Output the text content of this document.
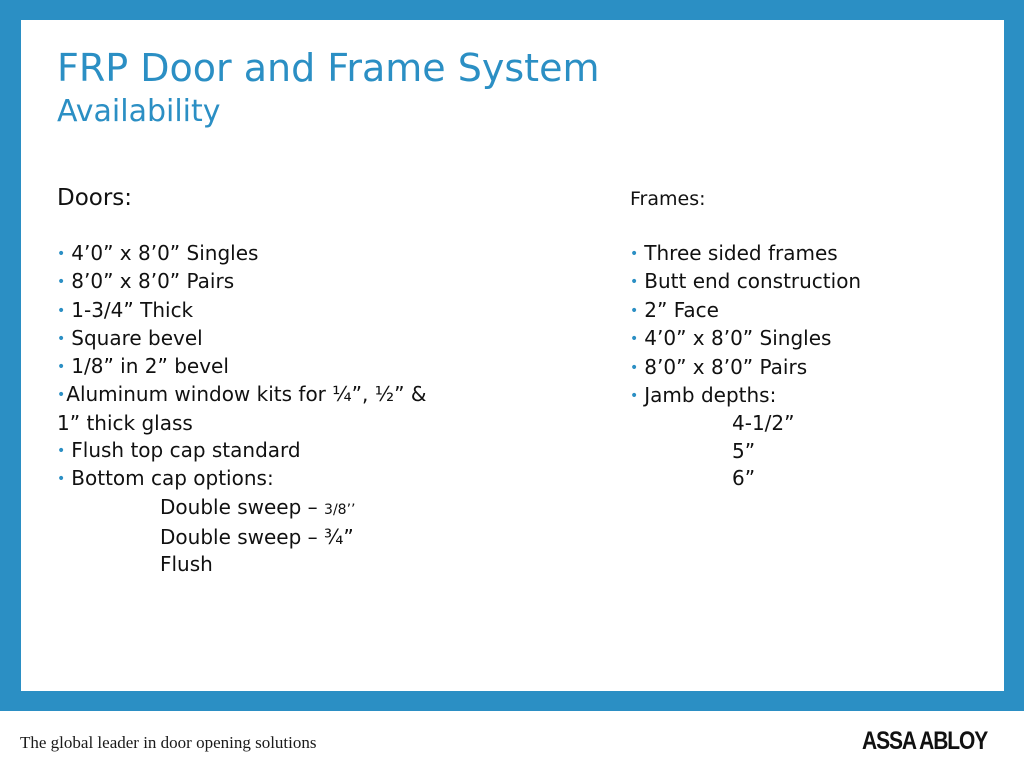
FRP Door and Frame System
Availability
Doors:
• 4’0” x 8’0” Singles
• 8’0” x 8’0” Pairs
• 1-3/4” Thick
• Square bevel
• 1/8” in 2” bevel
•Aluminum window kits for ¼”, ½” &
1” thick glass
• Flush top cap standard
• Bottom cap options:
Double sweep – 3/8’’
Double sweep – ¾”
Flush
Frames:
• Three sided frames
• Butt end construction
• 2” Face
• 4’0” x 8’0” Singles
• 8’0” x 8’0” Pairs
• Jamb depths:
4-1/2”
5”
6”
The global leader in door opening solutions	ASSA ABLOY
